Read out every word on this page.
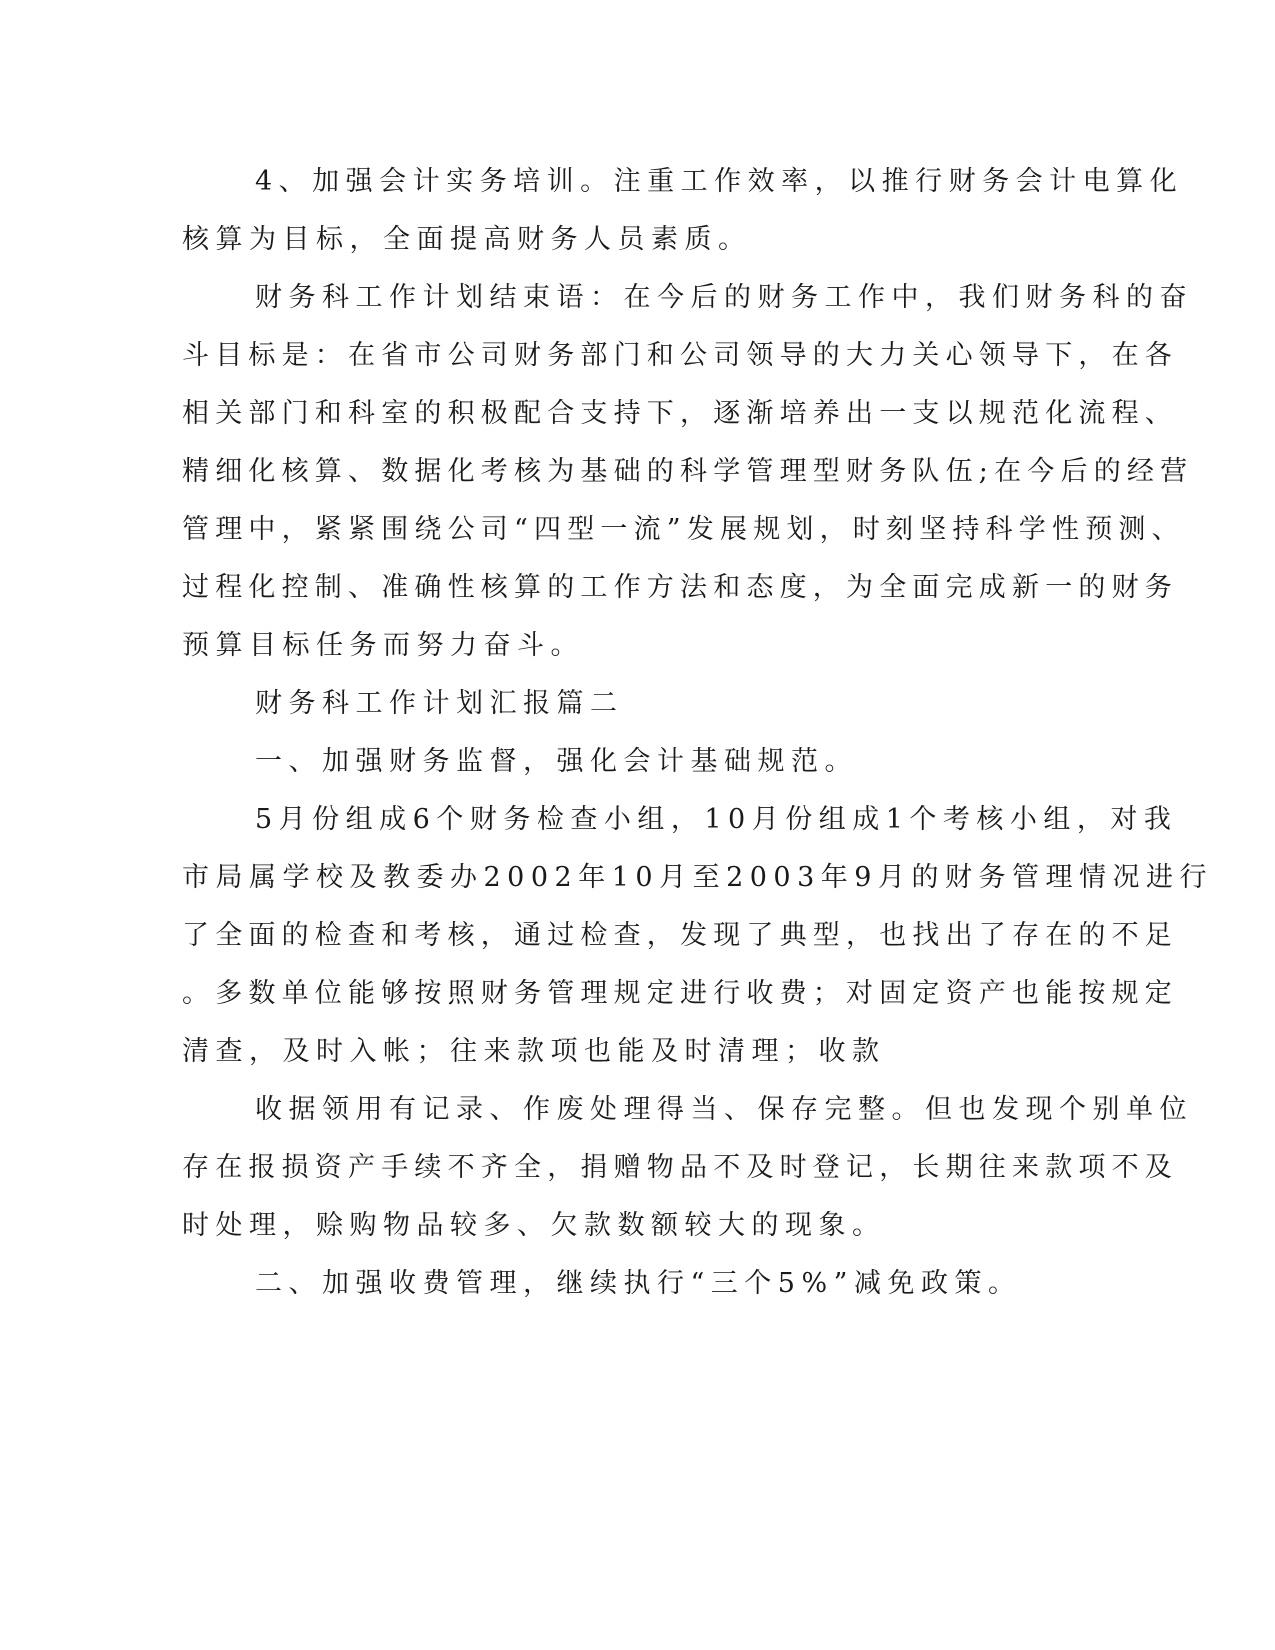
4、加强会计实务培训。注重工作效率，以推行财务会计电算化
核算为目标，全面提高财务人员素质。
财务科工作计划结束语：在今后的财务工作中，我们财务科的奋
斗目标是：在省市公司财务部门和公司领导的大力关心领导下，在各
相关部门和科室的积极配合支持下，逐渐培养出一支以规范化流程、
精细化核算、数据化考核为基础的科学管理型财务队伍;在今后的经营
管理中，紧紧围绕公司“四型一流”发展规划，时刻坚持科学性预测、
过程化控制、准确性核算的工作方法和态度，为全面完成新一的财务
预算目标任务而努力奋斗。
财务科工作计划汇报篇二
一、加强财务监督，强化会计基础规范。
5月份组成6个财务检查小组，10月份组成1个考核小组，对我
市局属学校及教委办2002年10月至2003年9月的财务管理情况进行
了全面的检查和考核，通过检查，发现了典型，也找出了存在的不足
。多数单位能够按照财务管理规定进行收费；对固定资产也能按规定
清查，及时入帐；往来款项也能及时清理；收款
收据领用有记录、作废处理得当、保存完整。但也发现个别单位
存在报损资产手续不齐全，捐赠物品不及时登记，长期往来款项不及
时处理，赊购物品较多、欠款数额较大的现象。
二、加强收费管理，继续执行“三个5%”减免政策。
